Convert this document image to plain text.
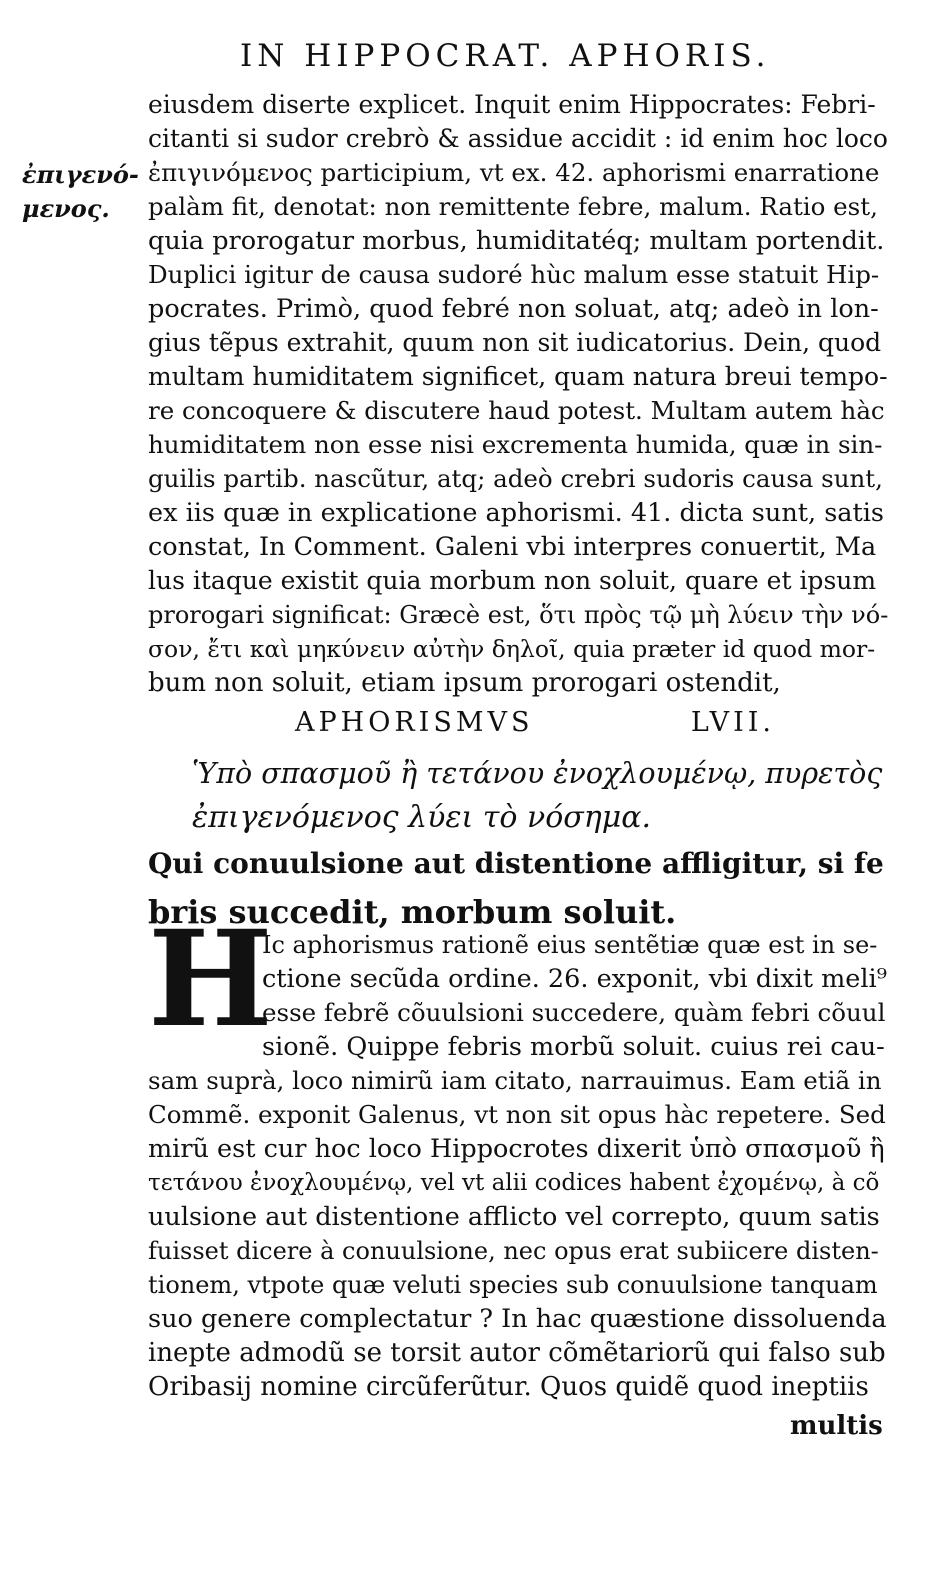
IN HIPPOCRAT. APHORIS.
ἐπιγενό-
μενος.
eiusdem diserte explicet. Inquit enim Hippocrates: Febri-
citanti si sudor crebrò & assidue accidit : id enim hoc loco
ἐπιγινόμενος participium, vt ex. 42. aphorismi enarratione
palàm fit, denotat: non remittente febre, malum. Ratio est,
quia prorogatur morbus, humiditatéq; multam portendit.
Duplici igitur de causa sudoré hùc malum esse statuit Hip-
pocrates. Primò, quod febré non soluat, atq; adeò in lon-
gius tẽpus extrahit, quum non sit iudicatorius. Dein, quod
multam humiditatem significet, quam natura breui tempo-
re concoquere & discutere haud potest. Multam autem hàc
humiditatem non esse nisi excrementa humida, quæ in sin-
guilis partib. nascũtur, atq; adeò crebri sudoris causa sunt,
ex iis quæ in explicatione aphorismi. 41. dicta sunt, satis
constat, In Comment. Galeni vbi interpres conuertit, Ma
lus itaque existit quia morbum non soluit, quare et ipsum
prorogari significat: Græcè est, ὅτι πρὸς τῷ μὴ λύειν τὴν νό-
σον, ἔτι καὶ μηκύνειν αὐτὴν δηλοῖ, quia præter id quod mor-
bum non soluit, etiam ipsum prorogari ostendit,
APHORISMVS	LVII.
Ὑπὸ σπασμοῦ ἢ τετάνου ἐνοχλουμένῳ, πυρετὸς
ἐπιγενόμενος λύει τὸ νόσημα.
Qui conuulsione aut distentione affligitur, si fe
bris succedit, morbum soluit.
H
Ic aphorismus rationẽ eius sentẽtiæ quæ est in se-
ctione secũda ordine. 26. exponit, vbi dixit meli⁹
esse febrẽ cõuulsioni succedere, quàm febri cõuul
sionẽ. Quippe febris morbũ soluit. cuius rei cau-
sam suprà, loco nimirũ iam citato, narrauimus. Eam etiã in
Commẽ. exponit Galenus, vt non sit opus hàc repetere. Sed
mirũ est cur hoc loco Hippocrotes dixerit ὑπὸ σπασμοῦ ἢ
τετάνου ἐνοχλουμένῳ, vel vt alii codices habent ἐχομένῳ, à cõ
uulsione aut distentione afflicto vel correpto, quum satis
fuisset dicere à conuulsione, nec opus erat subiicere disten-
tionem, vtpote quæ veluti species sub conuulsione tanquam
suo genere complectatur ? In hac quæstione dissoluenda
inepte admodũ se torsit autor cõmẽtariorũ qui falso sub
Oribasij nomine circũferũtur. Quos quidẽ quod ineptiis
multis
